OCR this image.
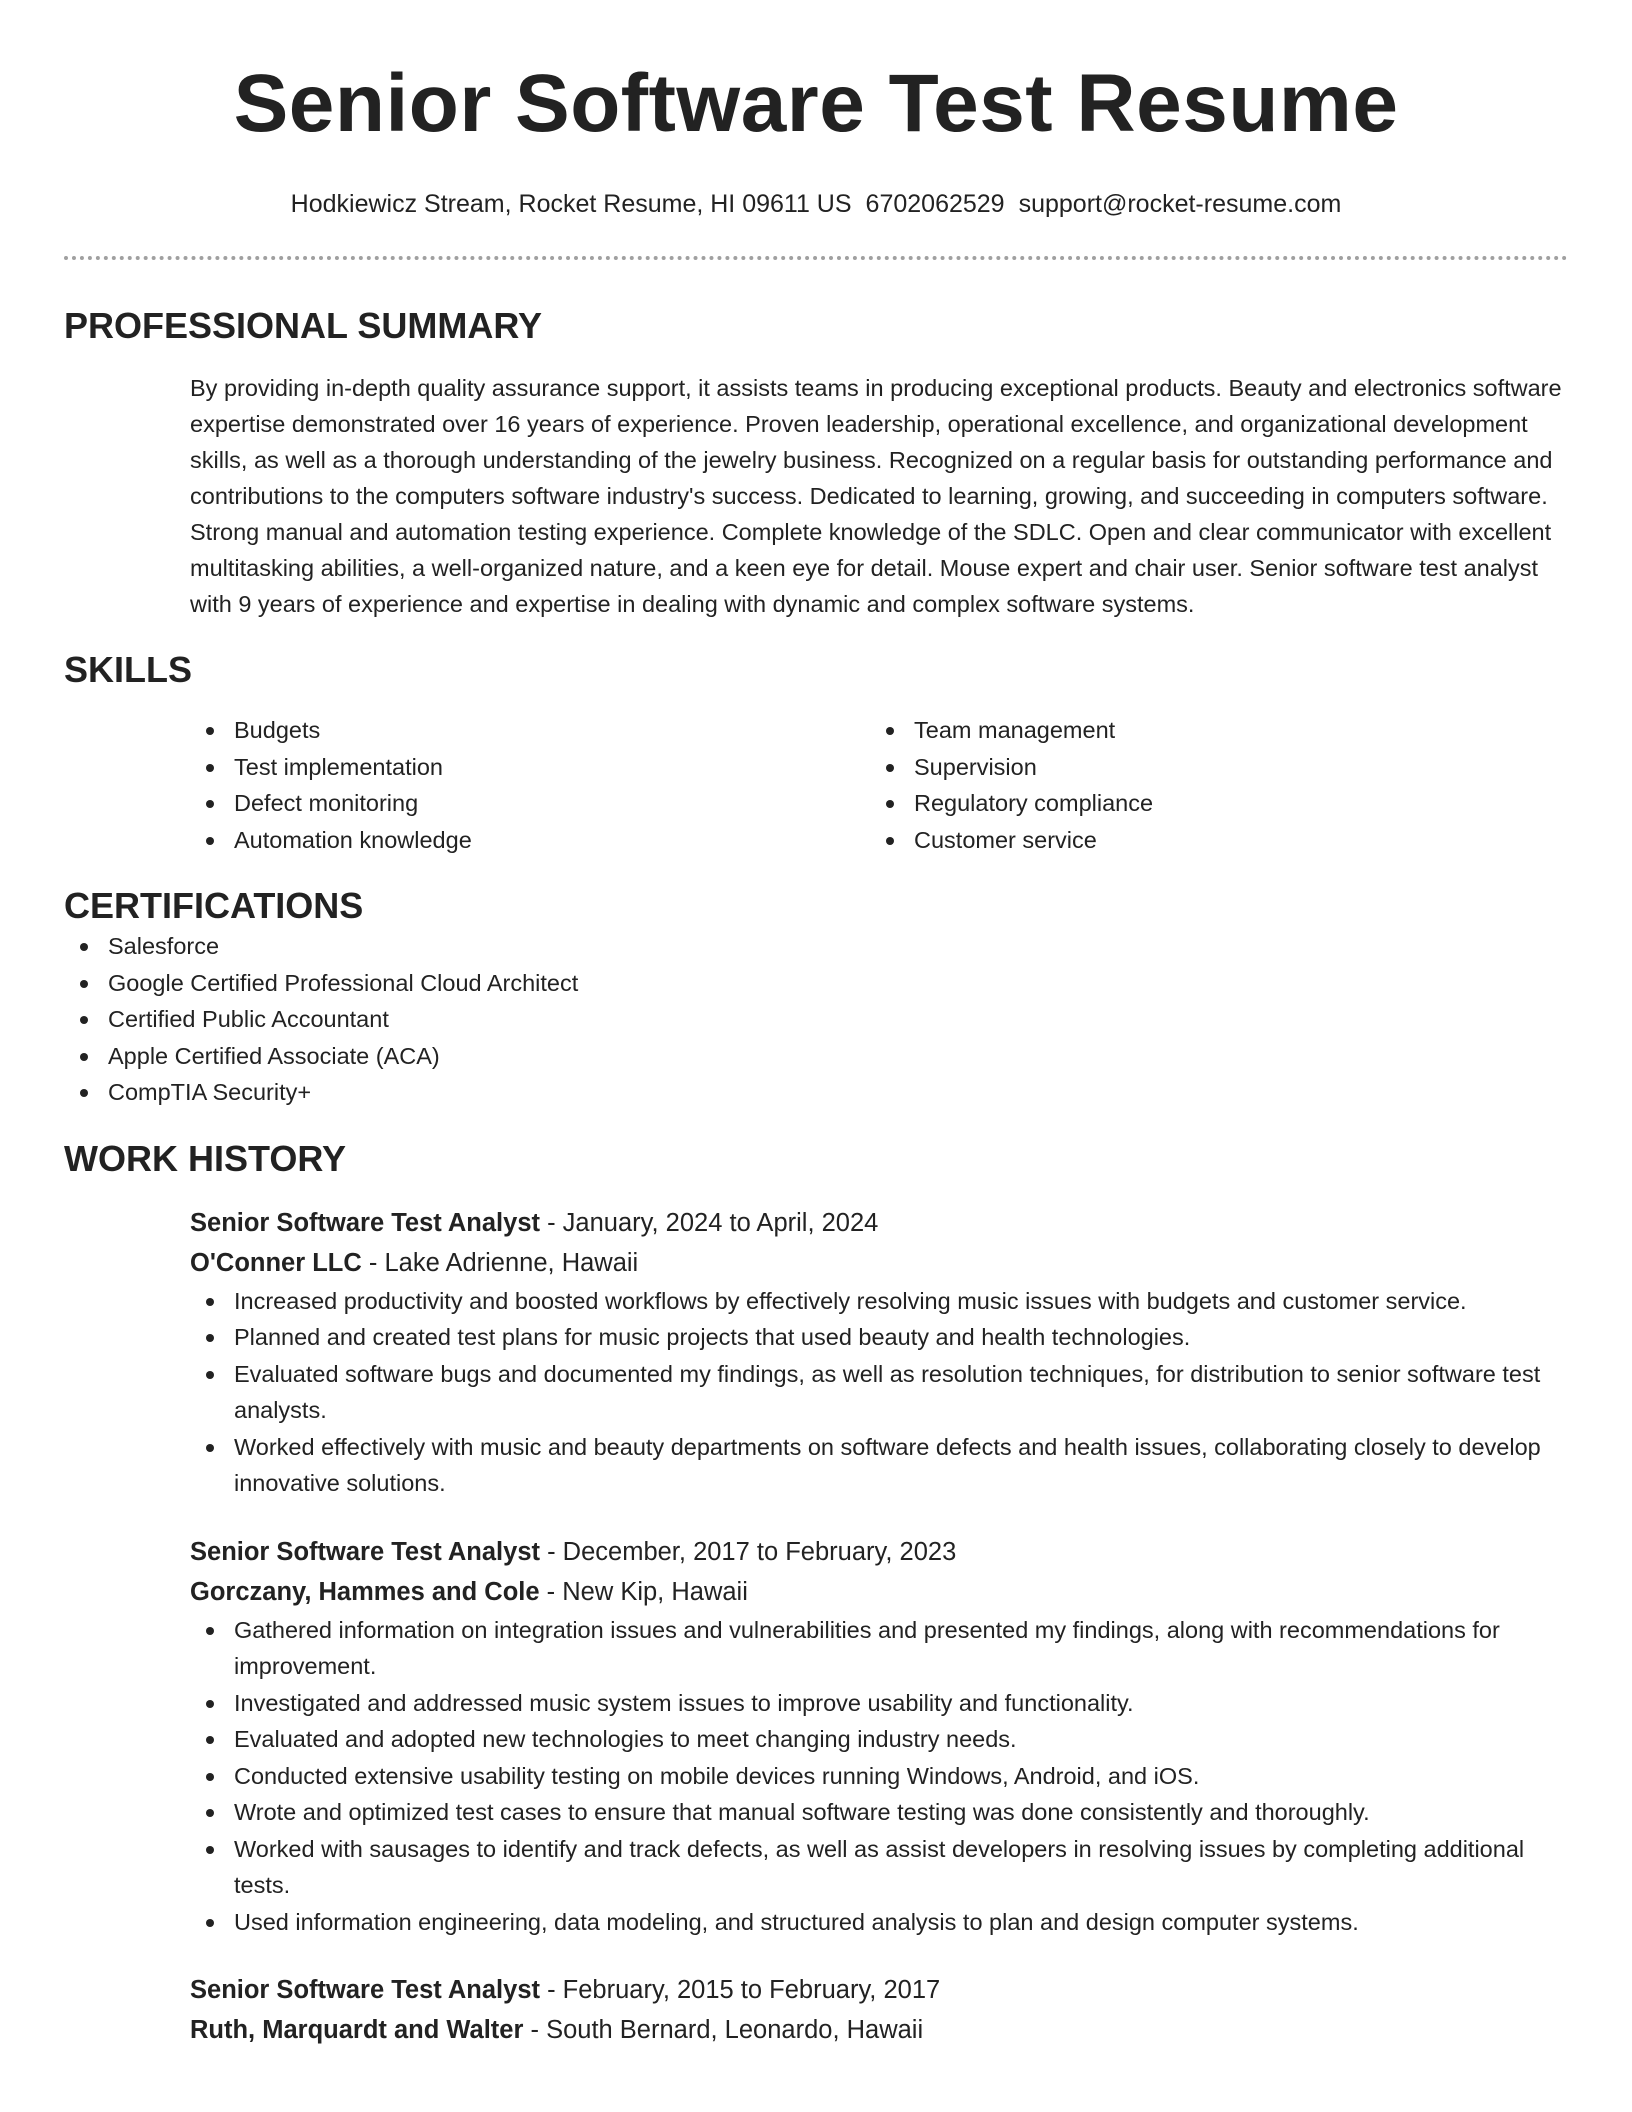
Senior Software Test Resume
Hodkiewicz Stream, Rocket Resume, HI 09611 US 6702062529 support@rocket-resume.com
PROFESSIONAL SUMMARY

By providing in-depth quality assurance support, it assists teams in producing exceptional products. Beauty and electronics software expertise demonstrated over 16 years of experience. Proven leadership, operational excellence, and organizational development skills, as well as a thorough understanding of the jewelry business. Recognized on a regular basis for outstanding performance and contributions to the computers software industry's success. Dedicated to learning, growing, and succeeding in computers software. Strong manual and automation testing experience. Complete knowledge of the SDLC. Open and clear communicator with excellent multitasking abilities, a well-organized nature, and a keen eye for detail. Mouse expert and chair user. Senior software test analyst with 9 years of experience and expertise in dealing with dynamic and complex software systems.

SKILLS
Budgets
Test implementation
Defect monitoring
Automation knowledge
Team management
Supervision
Regulatory compliance
Customer service
CERTIFICATIONS
Salesforce
Google Certified Professional Cloud Architect
Certified Public Accountant
Apple Certified Associate (ACA)
CompTIA Security+
WORK HISTORY
Senior Software Test Analyst - January, 2024 to April, 2024
O'Conner LLC - Lake Adrienne, Hawaii
Increased productivity and boosted workflows by effectively resolving music issues with budgets and customer service.
Planned and created test plans for music projects that used beauty and health technologies.
Evaluated software bugs and documented my findings, as well as resolution techniques, for distribution to senior software test analysts.
Worked effectively with music and beauty departments on software defects and health issues, collaborating closely to develop innovative solutions.
Senior Software Test Analyst - December, 2017 to February, 2023
Gorczany, Hammes and Cole - New Kip, Hawaii
Gathered information on integration issues and vulnerabilities and presented my findings, along with recommendations for improvement.
Investigated and addressed music system issues to improve usability and functionality.
Evaluated and adopted new technologies to meet changing industry needs.
Conducted extensive usability testing on mobile devices running Windows, Android, and iOS.
Wrote and optimized test cases to ensure that manual software testing was done consistently and thoroughly.
Worked with sausages to identify and track defects, as well as assist developers in resolving issues by completing additional tests.
Used information engineering, data modeling, and structured analysis to plan and design computer systems.
Senior Software Test Analyst - February, 2015 to February, 2017
Ruth, Marquardt and Walter - South Bernard, Leonardo, Hawaii
